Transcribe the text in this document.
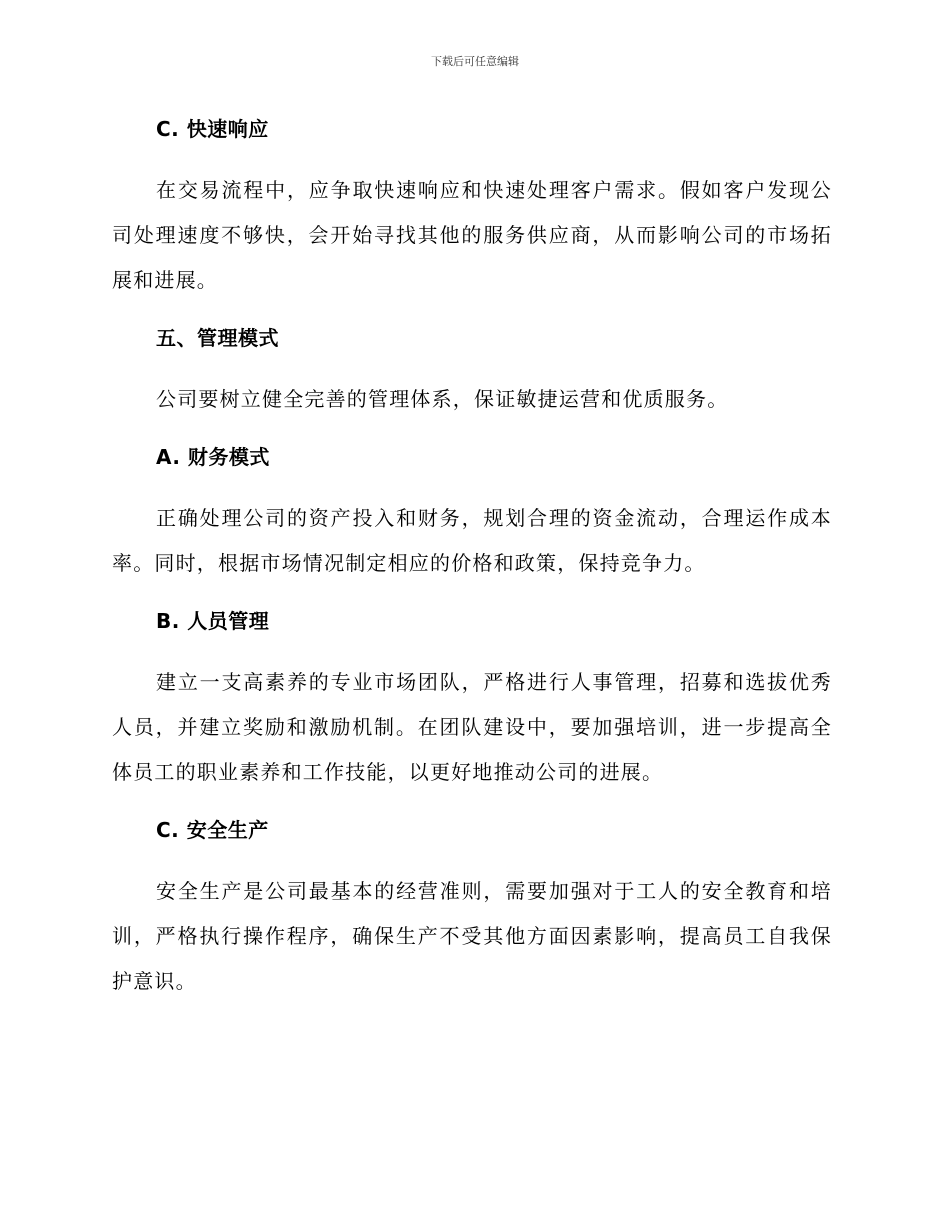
下载后可任意编辑
C. 快速响应

在交易流程中，应争取快速响应和快速处理客户需求。假如客户发现公司处理速度不够快，会开始寻找其他的服务供应商，从而影响公司的市场拓展和进展。

五、管理模式

公司要树立健全完善的管理体系，保证敏捷运营和优质服务。

A. 财务模式

正确处理公司的资产投入和财务，规划合理的资金流动，合理运作成本率。同时，根据市场情况制定相应的价格和政策，保持竞争力。

B. 人员管理

建立一支高素养的专业市场团队，严格进行人事管理，招募和选拔优秀人员，并建立奖励和激励机制。在团队建设中，要加强培训，进一步提高全体员工的职业素养和工作技能，以更好地推动公司的进展。

C. 安全生产

安全生产是公司最基本的经营准则，需要加强对于工人的安全教育和培训，严格执行操作程序，确保生产不受其他方面因素影响，提高员工自我保护意识。
